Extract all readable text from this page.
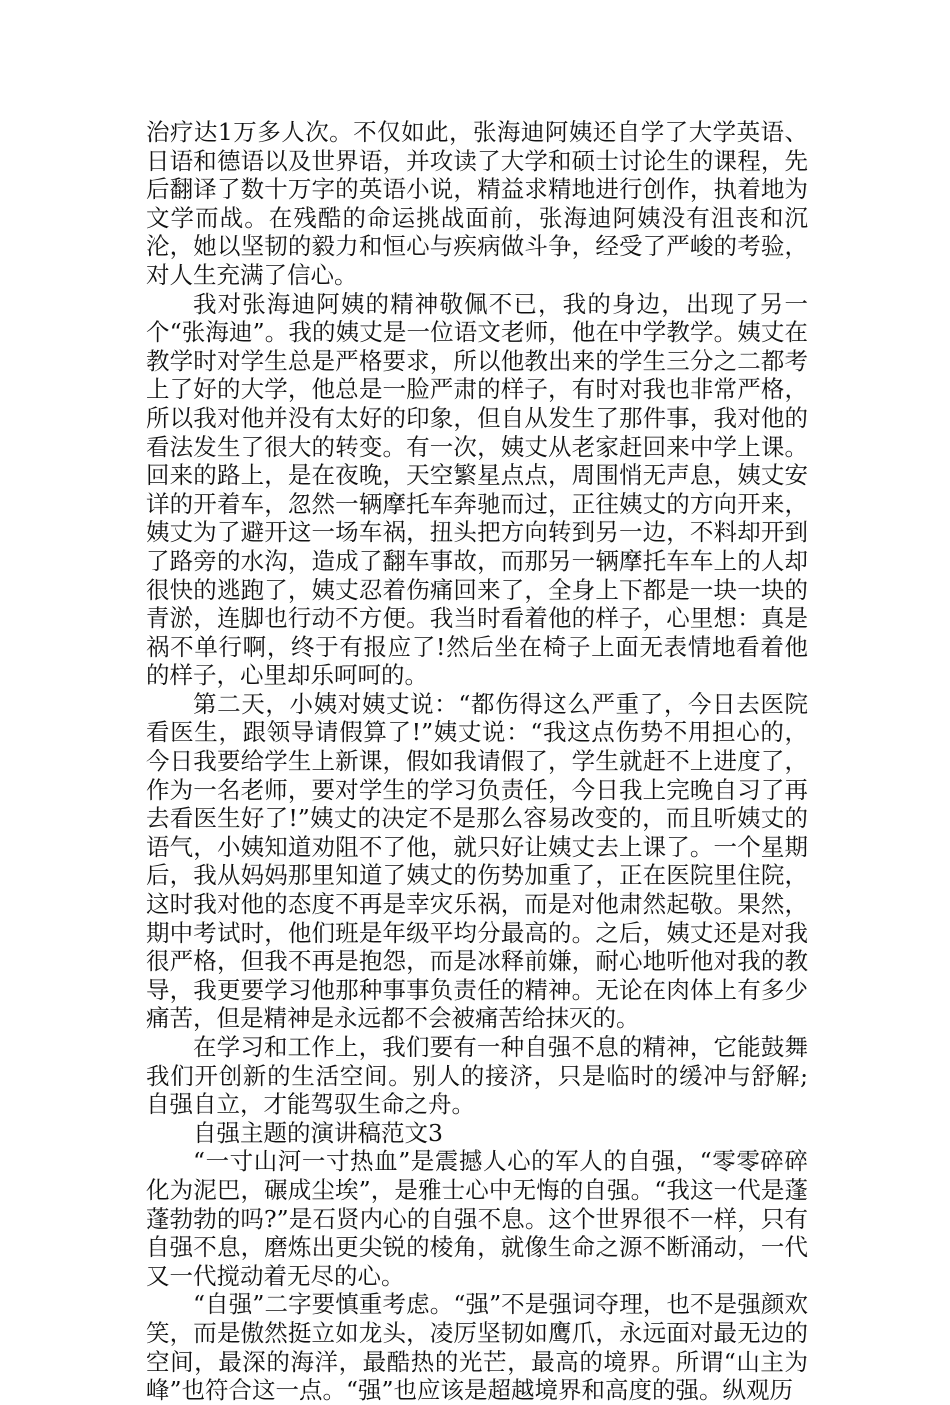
治疗达1万多人次。不仅如此，张海迪阿姨还自学了大学英语、日语和德语以及世界语，并攻读了大学和硕士讨论生的课程，先后翻译了数十万字的英语小说，精益求精地进行创作，执着地为文学而战。在残酷的命运挑战面前，张海迪阿姨没有沮丧和沉沦，她以坚韧的毅力和恒心与疾病做斗争，经受了严峻的考验，对人生充满了信心。

我对张海迪阿姨的精神敬佩不已，我的身边，出现了另一个“张海迪”。我的姨丈是一位语文老师，他在中学教学。姨丈在教学时对学生总是严格要求，所以他教出来的学生三分之二都考上了好的大学，他总是一脸严肃的样子，有时对我也非常严格，所以我对他并没有太好的印象，但自从发生了那件事，我对他的看法发生了很大的转变。有一次，姨丈从老家赶回来中学上课。回来的路上，是在夜晚，天空繁星点点，周围悄无声息，姨丈安详的开着车，忽然一辆摩托车奔驰而过，正往姨丈的方向开来，姨丈为了避开这一场车祸，扭头把方向转到另一边，不料却开到了路旁的水沟，造成了翻车事故，而那另一辆摩托车车上的人却很快的逃跑了，姨丈忍着伤痛回来了，全身上下都是一块一块的青淤，连脚也行动不方便。我当时看着他的样子，心里想：真是祸不单行啊，终于有报应了!然后坐在椅子上面无表情地看着他的样子，心里却乐呵呵的。

第二天，小姨对姨丈说：“都伤得这么严重了，今日去医院看医生，跟领导请假算了!”姨丈说：“我这点伤势不用担心的，今日我要给学生上新课，假如我请假了，学生就赶不上进度了，作为一名老师，要对学生的学习负责任，今日我上完晚自习了再去看医生好了!”姨丈的决定不是那么容易改变的，而且听姨丈的语气，小姨知道劝阻不了他，就只好让姨丈去上课了。一个星期后，我从妈妈那里知道了姨丈的伤势加重了，正在医院里住院，这时我对他的态度不再是幸灾乐祸，而是对他肃然起敬。果然，期中考试时，他们班是年级平均分最高的。之后，姨丈还是对我很严格，但我不再是抱怨，而是冰释前嫌，耐心地听他对我的教导，我更要学习他那种事事负责任的精神。无论在肉体上有多少痛苦，但是精神是永远都不会被痛苦给抹灭的。

在学习和工作上，我们要有一种自强不息的精神，它能鼓舞我们开创新的生活空间。别人的接济，只是临时的缓冲与舒解;自强自立，才能驾驭生命之舟。

自强主题的演讲稿范文3

“一寸山河一寸热血”是震撼人心的军人的自强，“零零碎碎化为泥巴，碾成尘埃”，是雅士心中无悔的自强。“我这一代是蓬蓬勃勃的吗?”是石贤内心的自强不息。这个世界很不一样，只有自强不息，磨炼出更尖锐的棱角，就像生命之源不断涌动，一代又一代搅动着无尽的心。

“自强”二字要慎重考虑。“强”不是强词夺理，也不是强颜欢笑，而是傲然挺立如龙头，凌厉坚韧如鹰爪，永远面对最无边的空间，最深的海洋，最酷热的光芒，最高的境界。所谓“山主为峰”也符合这一点。“强”也应该是超越境界和高度的强。纵观历
